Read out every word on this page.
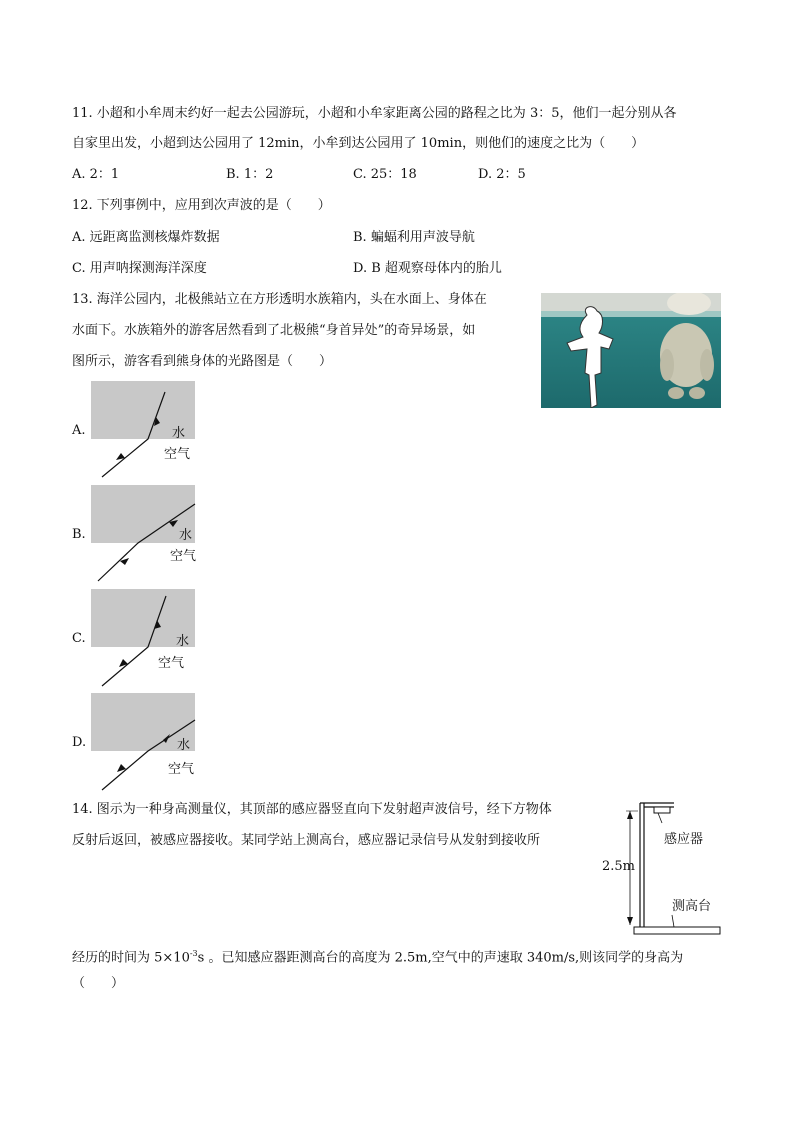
11. 小超和小牟周末约好一起去公园游玩，小超和小牟家距离公园的路程之比为 3：5，他们一起分别从各
自家里出发，小超到达公园用了 12min，小牟到达公园用了 10min，则他们的速度之比为（　　）
A. 2：1	B. 1：2	C. 25：18	D. 2：5
12. 下列事例中，应用到次声波的是（　　）
A. 远距离监测核爆炸数据	B. 蝙蝠利用声波导航
C. 用声呐探测海洋深度	D. B 超观察母体内的胎儿
13. 海洋公园内，北极熊站立在方形透明水族箱内，头在水面上、身体在
水面下。水族箱外的游客居然看到了北极熊“身首异处”的奇异场景，如
图所示，游客看到熊身体的光路图是（　　）
A.	水
空气
B.	水
空气
C.	水
空气
D.	水
空气
14. 图示为一种身高测量仪，其顶部的感应器竖直向下发射超声波信号，经下方物体
反射后返回，被感应器接收。某同学站上测高台，感应器记录信号从发射到接收所
经历的时间为 $5\times 10^{-3}s$ 。已知感应器距测高台的高度为 2.5m,空气中的声速取 340m/s,则该同学的身高为
（　　）
感应器
2.5m
测高台
